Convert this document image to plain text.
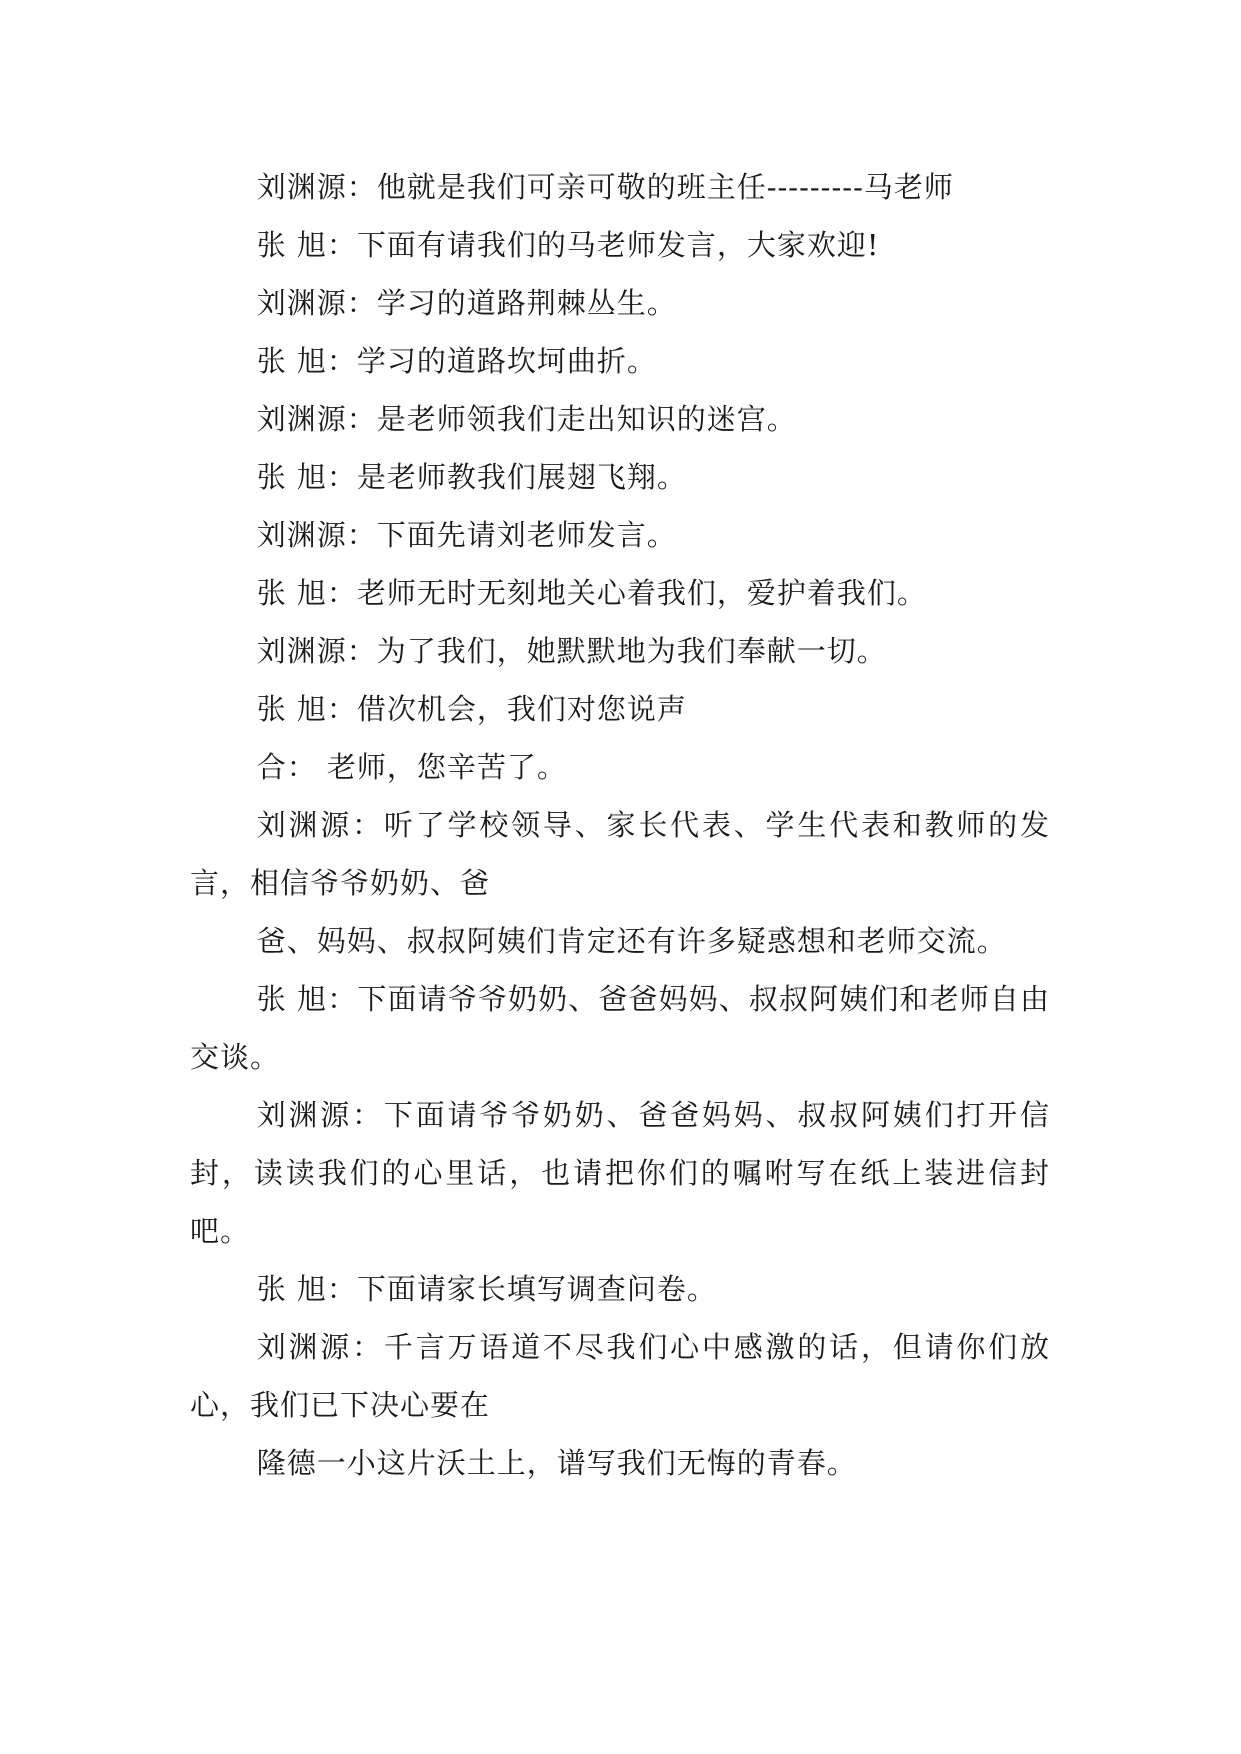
刘渊源：他就是我们可亲可敬的班主任---------马老师

张 旭：下面有请我们的马老师发言，大家欢迎!

刘渊源：学习的道路荆棘丛生。

张 旭：学习的道路坎坷曲折。

刘渊源：是老师领我们走出知识的迷宫。

张 旭：是老师教我们展翅飞翔。

刘渊源：下面先请刘老师发言。

张 旭：老师无时无刻地关心着我们，爱护着我们。

刘渊源：为了我们，她默默地为我们奉献一切。

张 旭：借次机会，我们对您说声

合： 老师，您辛苦了。

刘渊源：听了学校领导、家长代表、学生代表和教师的发言，相信爷爷奶奶、爸

爸、妈妈、叔叔阿姨们肯定还有许多疑惑想和老师交流。

张 旭：下面请爷爷奶奶、爸爸妈妈、叔叔阿姨们和老师自由交谈。

刘渊源：下面请爷爷奶奶、爸爸妈妈、叔叔阿姨们打开信封，读读我们的心里话，也请把你们的嘱咐写在纸上装进信封吧。

张 旭：下面请家长填写调查问卷。

刘渊源：千言万语道不尽我们心中感激的话，但请你们放心，我们已下决心要在

隆德一小这片沃土上，谱写我们无悔的青春。
